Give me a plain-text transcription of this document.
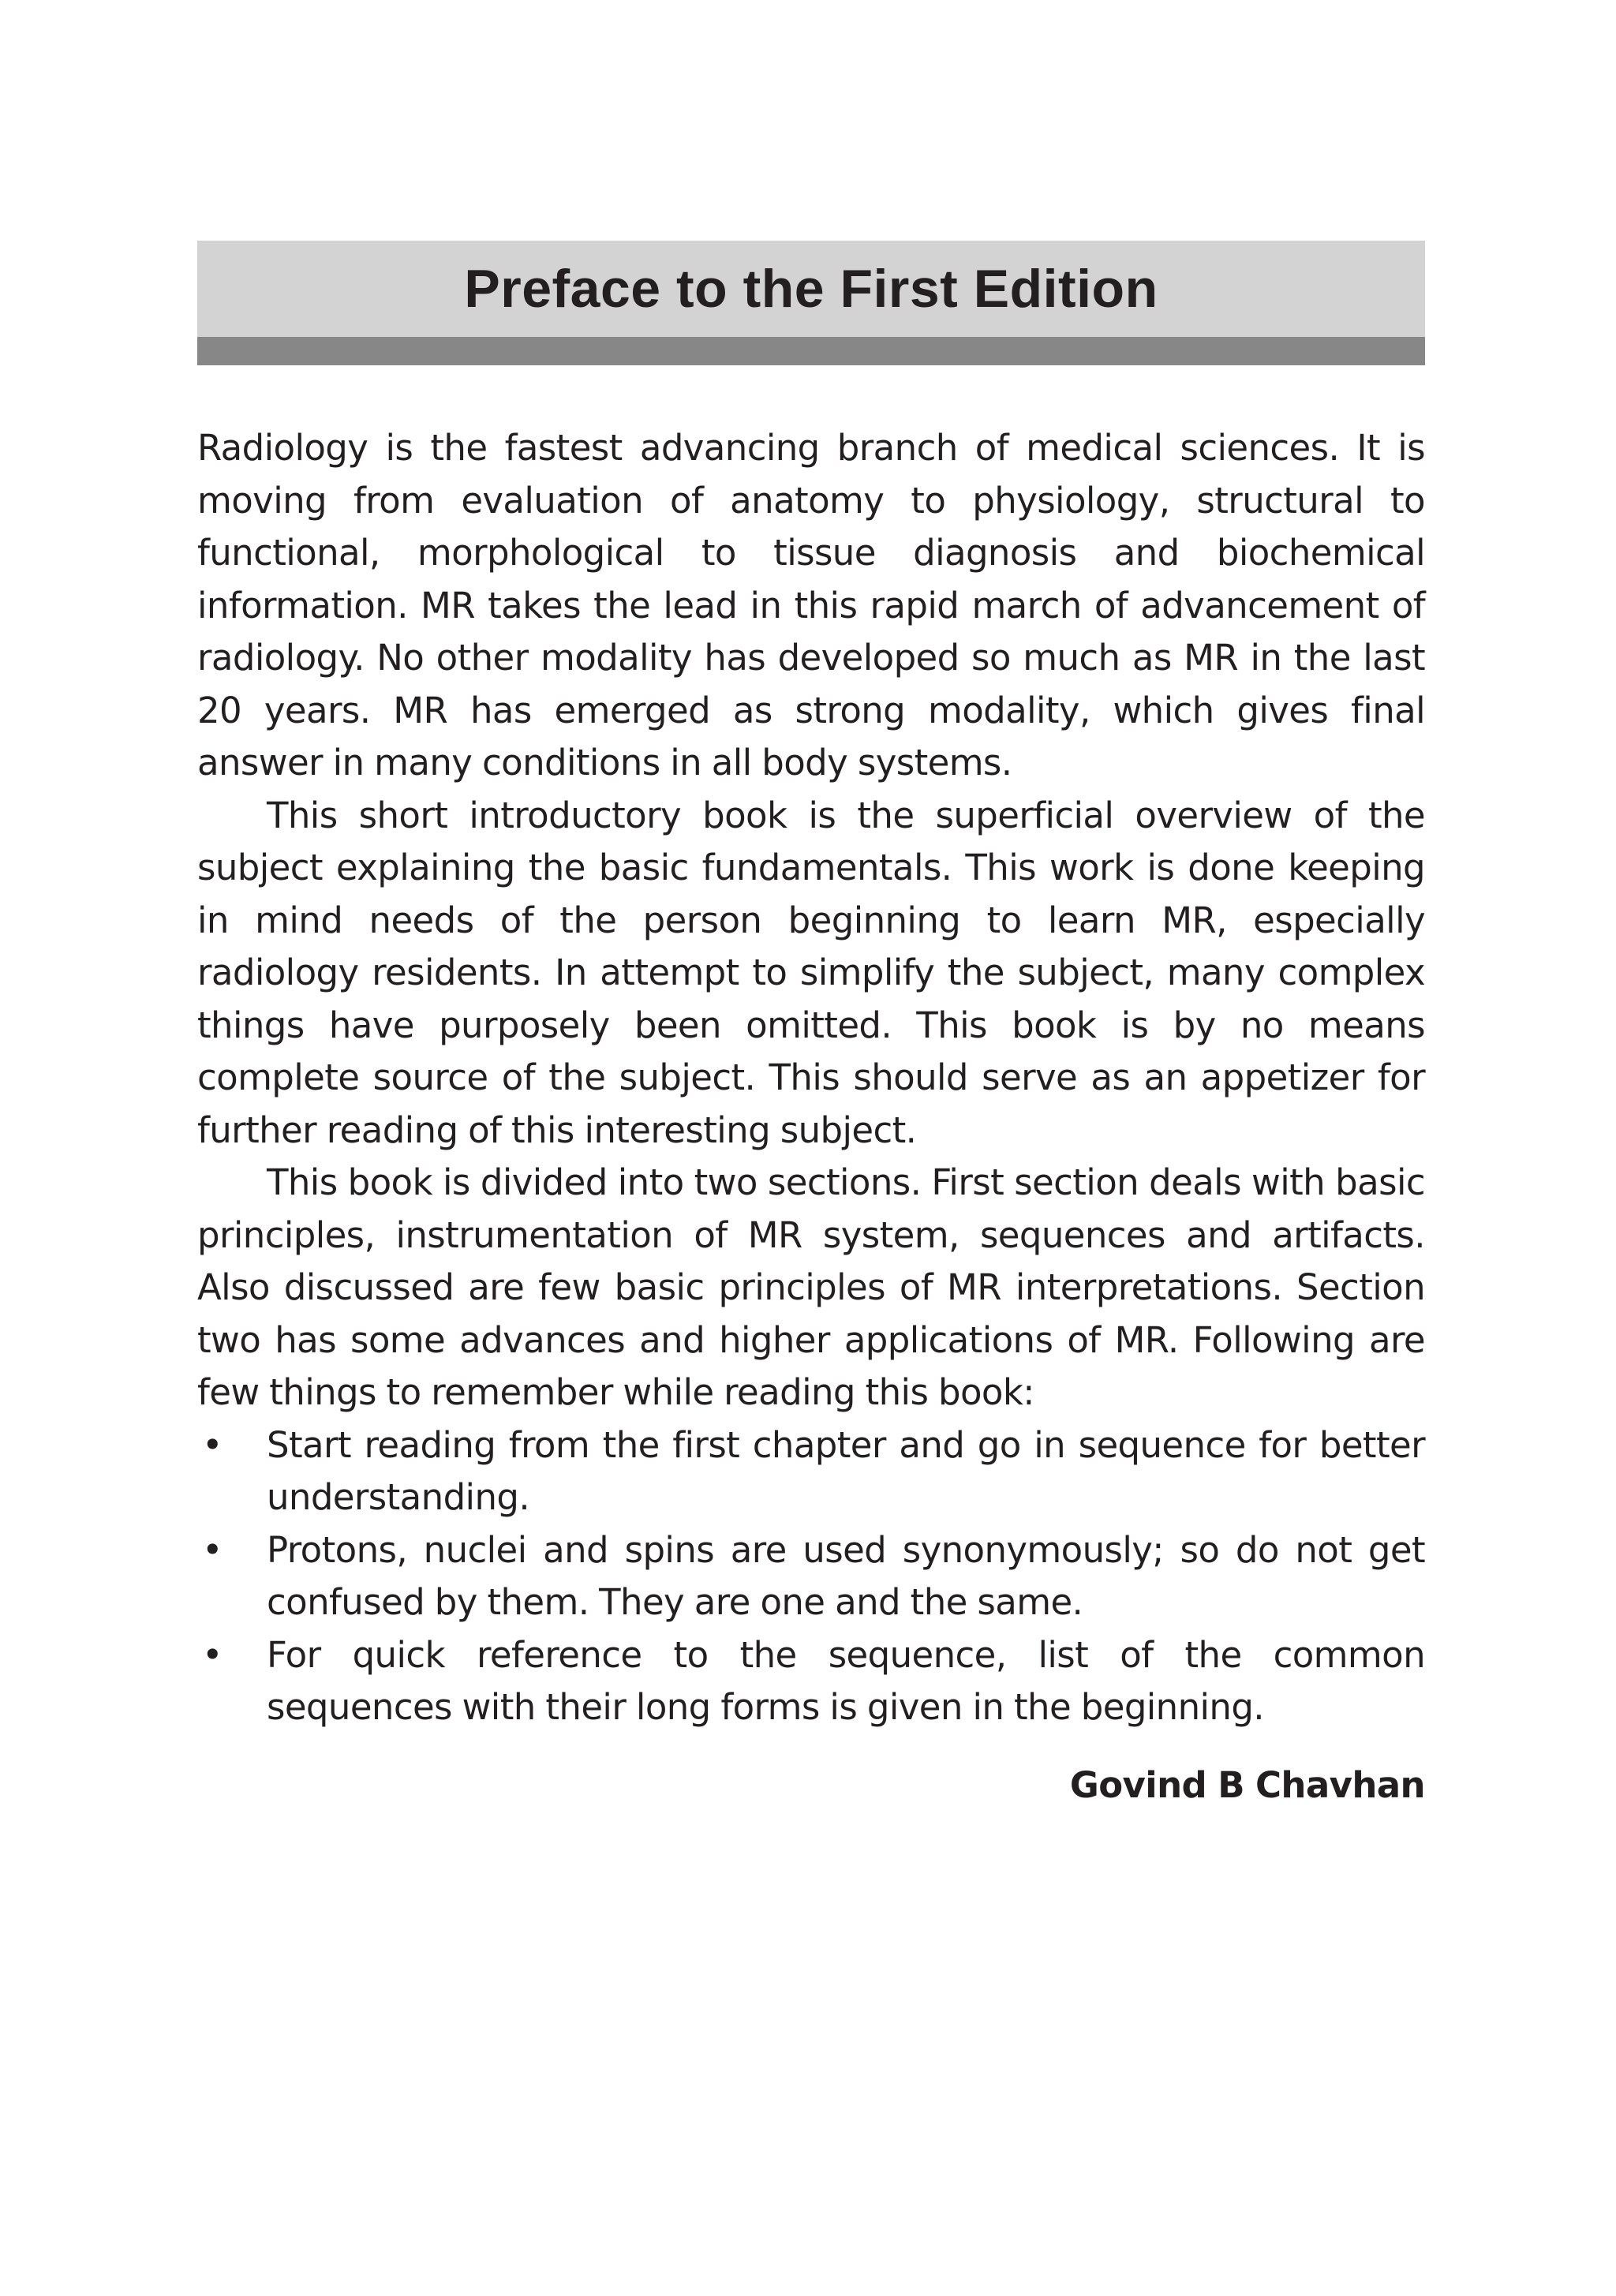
Preface to the First Edition

Radiology is the fastest advancing branch of medical sciences. It is moving from evaluation of anatomy to physiology, structural to functional, morphological to tissue diagnosis and biochemical information. MR takes the lead in this rapid march of advancement of radiology. No other modality has developed so much as MR in the last 20 years. MR has emerged as strong modality, which gives final answer in many conditions in all body systems.

This short introductory book is the superficial overview of the subject explaining the basic fundamentals. This work is done keeping in mind needs of the person beginning to learn MR, especially radiology residents. In attempt to simplify the subject, many complex things have purposely been omitted. This book is by no means complete source of the subject. This should serve as an appetizer for further reading of this interesting subject.

This book is divided into two sections. First section deals with basic principles, instrumentation of MR system, sequences and artifacts. Also discussed are few basic principles of MR interpretations. Section two has some advances and higher applications of MR. Following are few things to remember while reading this book:

• Start reading from the first chapter and go in sequence for better understanding.
• Protons, nuclei and spins are used synonymously; so do not get confused by them. They are one and the same.
• For quick reference to the sequence, list of the common sequences with their long forms is given in the beginning.
Govind B Chavhan
